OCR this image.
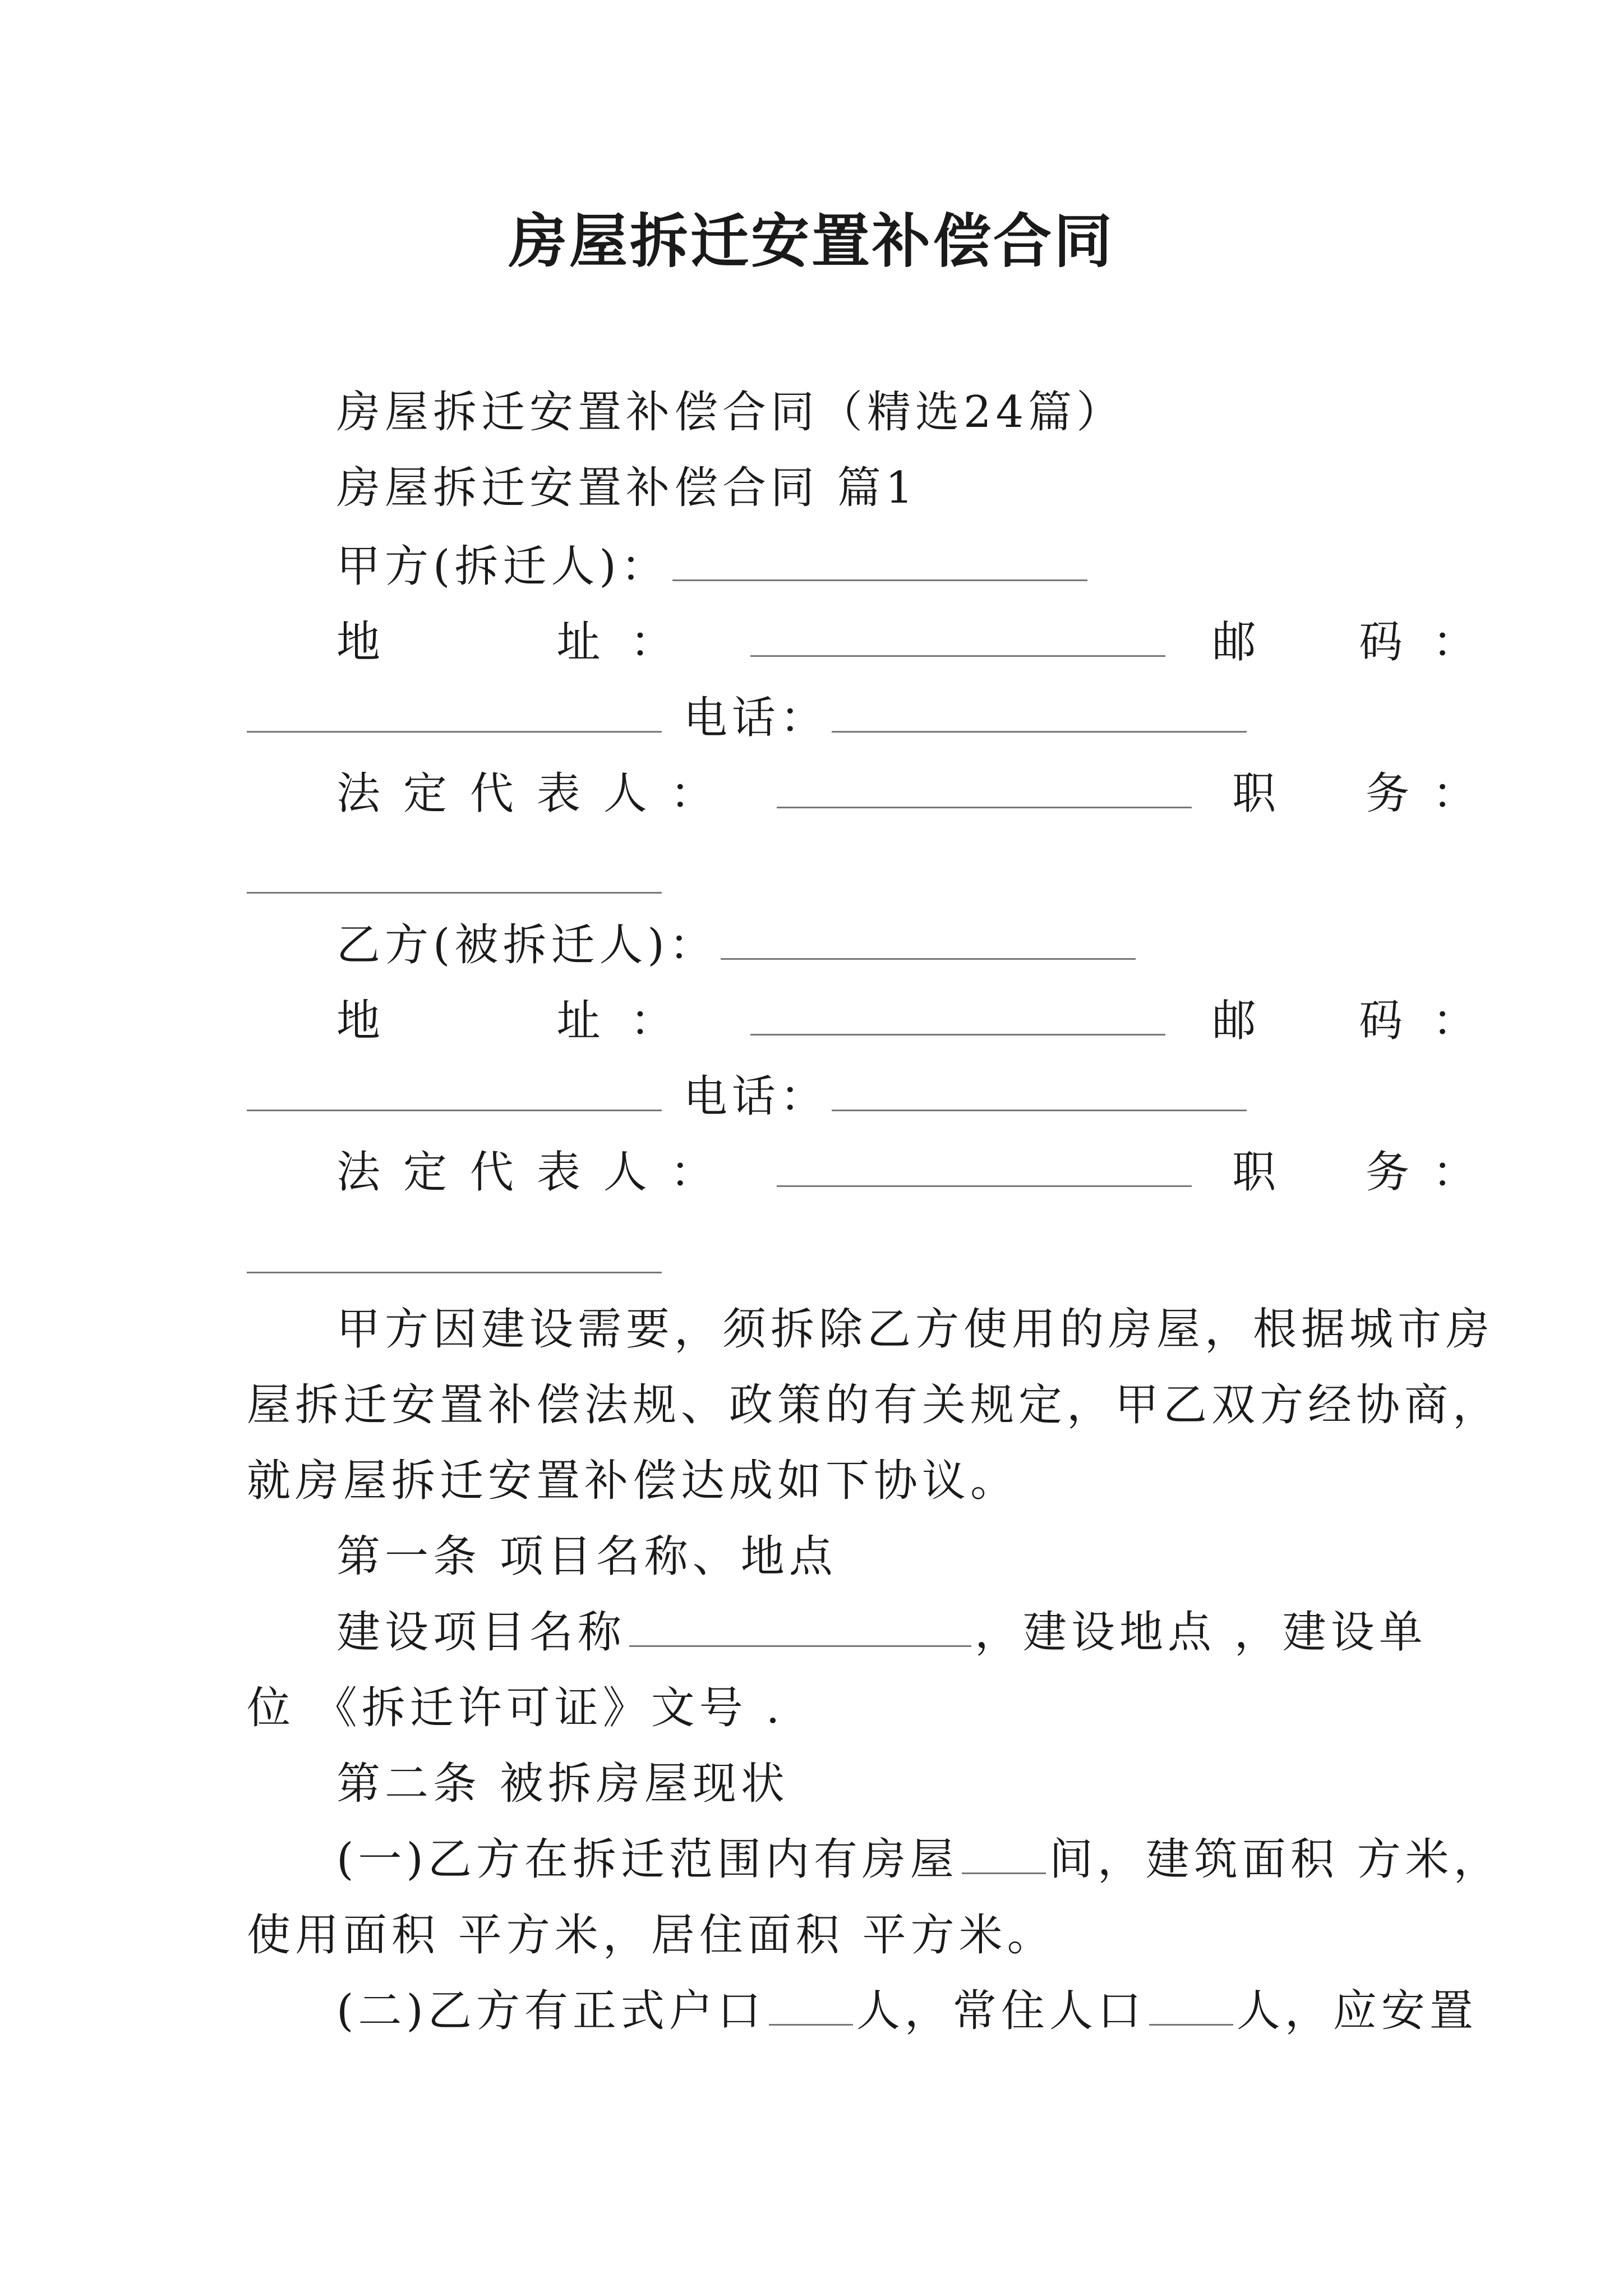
房屋拆迁安置补偿合同
房屋拆迁安置补偿合同（精选24篇）
房屋拆迁安置补偿合同 篇1
甲方(拆迁人)：
地　　址：	邮　码：
电话：
法定代表人：	职　务：
乙方(被拆迁人)：
地　　址：	邮　码：
电话：
法定代表人：	职　务：
甲方因建设需要，须拆除乙方使用的房屋，根据城市房
屋拆迁安置补偿法规、政策的有关规定，甲乙双方经协商，
就房屋拆迁安置补偿达成如下协议。
第一条 项目名称、地点
建设项目名称	，建设地点 ，建设单
位 《拆迁许可证》文号 .
第二条 被拆房屋现状
(一)乙方在拆迁范围内有房屋 间，建筑面积 方米，
使用面积 平方米，居住面积 平方米。
(二)乙方有正式户口 人，常住人口 人，应安置
